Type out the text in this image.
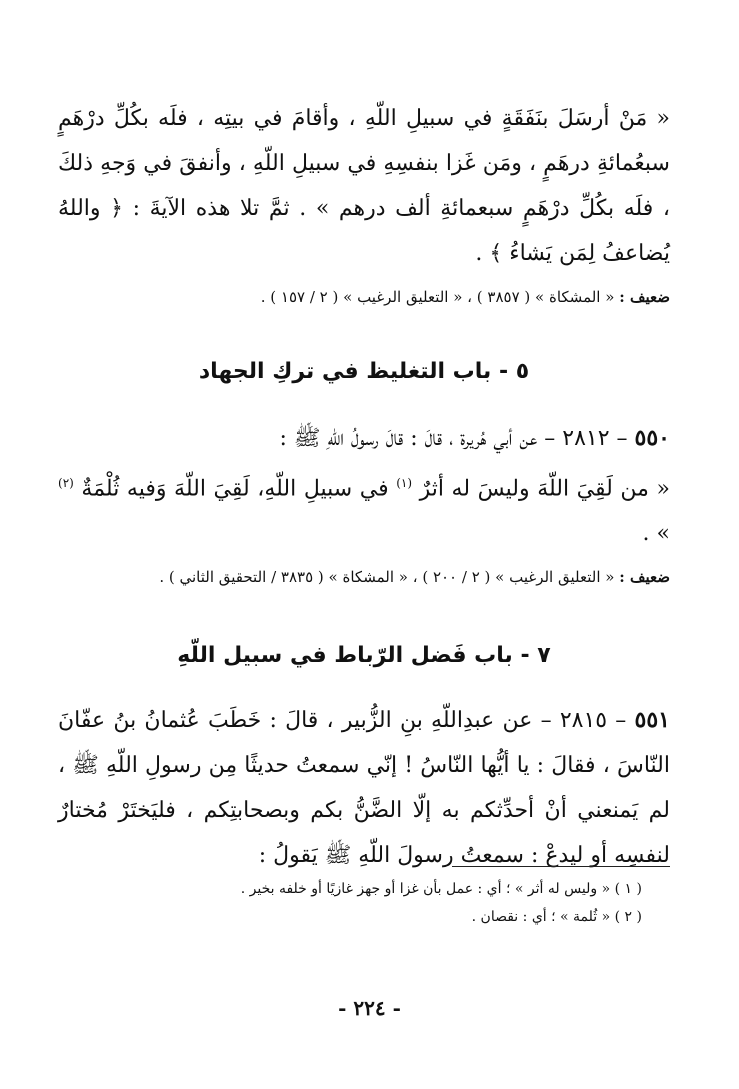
« مَنْ أرسَلَ بنَفَقَةٍ في سبيلِ اللّهِ ، وأقامَ في بيتِه ، فلَه بكُلِّ درْهَمٍ سبعُمائةِ درهَمٍ ، ومَن غَزا بنفسِهِ في سبيلِ اللّهِ ، وأنفقَ في وَجهِ ذلكَ ، فلَه بكُلِّ درْهَمٍ سبعمائةِ ألف درهم » . ثمَّ تلا هذه الآيةَ : ﴿ واللهُ يُضاعفُ لِمَن يَشاءُ ﴾ .

ضعيف : « المشكاة » ( ٣٨٥٧ ) ، « التعليق الرغيب » ( ٢ / ١٥٧ ) .

٥ - باب التغليظ في تركِ الجهاد

٥٥٠ – ٢٨١٢ – عن أبي هُريرة ، قالَ : قالَ رسولُ اللّهِ ﷺ :
« من لَقِيَ اللّهَ وليسَ له أثرٌ $^{(١)}$ في سبيلِ اللّهِ، لَقِيَ اللّهَ وَفيه ثُلْمَةٌ $^{(٢)}$ » .

ضعيف : « التعليق الرغيب » ( ٢ / ٢٠٠ ) ، « المشكاة » ( ٣٨٣٥ / التحقيق الثاني ) .

٧ - باب فَضل الرّباط في سبيل اللّهِ

٥٥١ – ٢٨١٥ – عن عبدِاللّهِ بنِ الزُّبير ، قالَ : خَطَبَ عُثمانُ بنُ عفّانَ النّاسَ ، فقالَ : يا أيُّها النّاسُ ! إنّي سمعتُ حديثًا مِن رسولِ اللّهِ ﷺ ، لم يَمنعني أنْ أحدِّثكم به إلّا الضَّنُّ بكم وبصحابتِكم ، فليَختَرْ مُختارٌ لنفسِه أو ليدعْ : سمعتُ رسولَ اللّهِ ﷺ يَقولُ :

( ١ ) « وليس له أثر » ؛ أي : عمل بأن غزا أو جهز غازيًا أو خلفه بخير .

( ٢ ) « ثُلمة » ؛ أي : نقصان .

- ٢٢٤ -
